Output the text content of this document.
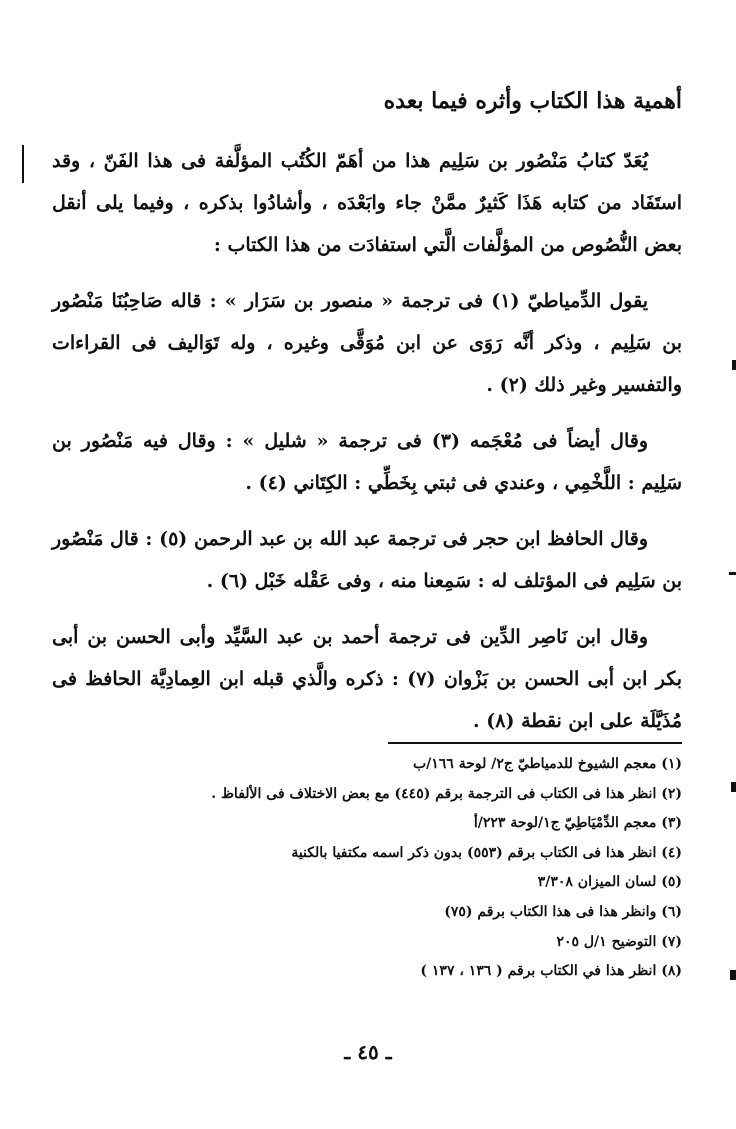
أهمية هذا الكتاب وأثره فيما بعده

يُعَدّ كتابُ مَنْصُور بن سَلِيم هذا من أهَمّ الكُتُب المؤلَّفة فى هذا الفَنّ ، وقد استَفَاد من كتابه هَذَا كَثيرٌ ممَّنْ جاء وابَعْدَه ، وأشادُوا بذكره ، وفيما يلى أنقل بعض النُّصُوص من المؤلَّفات الَّتي استفادَت من هذا الكتاب :

يقول الدِّمياطيّ (١) فى ترجمة « منصور بن سَرَار » : قاله صَاحِبُنَا مَنْصُور بن سَلِيم ، وذكر أنَّه رَوَى عن ابن مُوَقَّى وغيره ، وله تَوَاليف فى القراءات والتفسير وغير ذلك (٢) .

وقال أيضاً فى مُعْجَمه (٣) فى ترجمة « شليل » : وقال فيه مَنْصُور بن سَلِيم : اللَّخْمِي ، وعندي فى ثبتي بِخَطِّي : الكِتَاني (٤) .

وقال الحافظ ابن حجر فى ترجمة عبد الله بن عبد الرحمن (٥) : قال مَنْصُور بن سَلِيم فى المؤتلف له : سَمِعنا منه ، وفى عَقْله خَبْل (٦) .

وقال ابن نَاصِر الدِّين فى ترجمة أحمد بن عبد السَّيِّد وأبى الحسن بن أبى بكر ابن أبى الحسن بن بَزْوان (٧) : ذكره والَّذي قبله ابن العِمادِيَّة الحافظ فى مُذَيَّلَة على ابن نقطة (٨) .

(١) معجم الشيوخ للدمياطيّ ج٢/ لوحة ١٦٦/ب
(٢) انظر هذا فى الكتاب فى الترجمة برقم (٤٤٥) مع بعض الاختلاف فى الألفاظ .
(٣) معجم الدِّمْيَاطِيّ ج١/لوحة ٢٢٣/أ
(٤) انظر هذا فى الكتاب برقم (٥٥٣) بدون ذكر اسمه مكتفيا بالكنية
(٥) لسان الميزان ٣/٣٠٨
(٦) وانظر هذا فى هذا الكتاب برقم (٧٥)
(٧) التوضيح ١/ل ٢٠٥
(٨) انظر هذا في الكتاب برقم ( ١٣٦ ، ١٣٧ )
ـ ٤٥ ـ
